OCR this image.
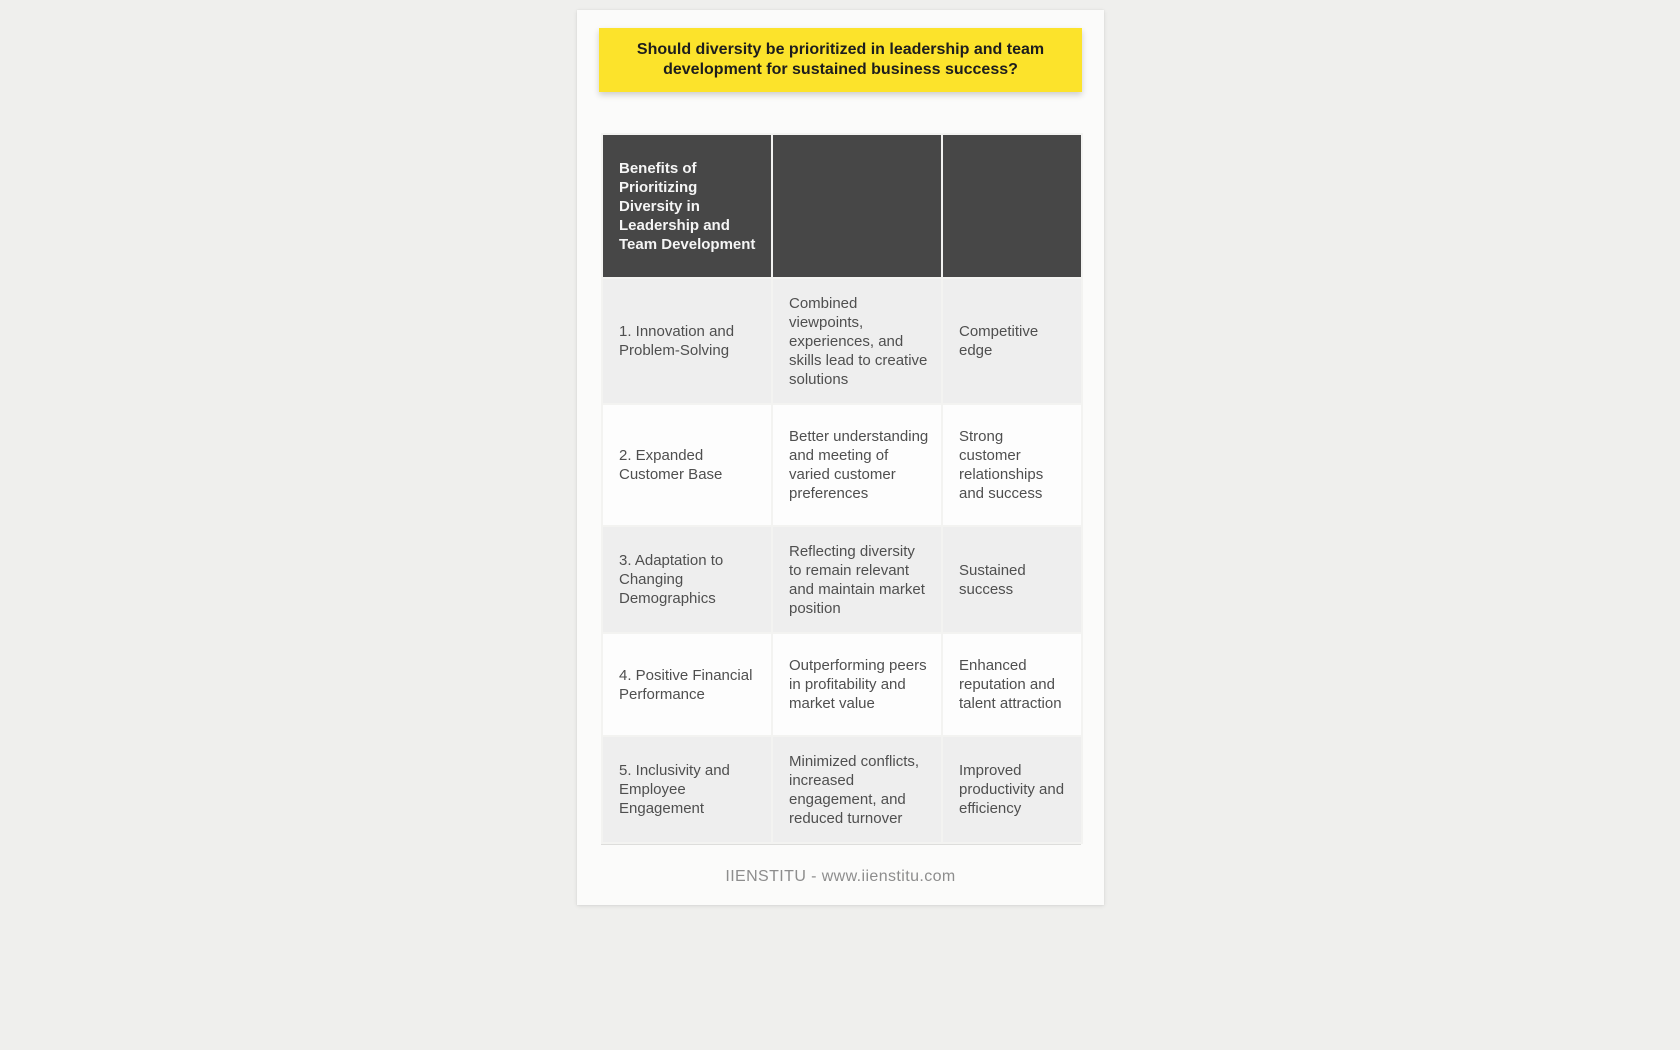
Should diversity be prioritized in leadership and team development for sustained business success?
Benefits of Prioritizing Diversity in Leadership and Team Development		
1. Innovation and Problem-Solving	Combined viewpoints, experiences, and skills lead to creative solutions	Competitive edge
2. Expanded Customer Base	Better understanding and meeting of varied customer preferences	Strong customer relationships and success
3. Adaptation to Changing Demographics	Reflecting diversity to remain relevant and maintain market position	Sustained success
4. Positive Financial Performance	Outperforming peers in profitability and market value	Enhanced reputation and talent attraction
5. Inclusivity and Employee Engagement	Minimized conflicts, increased engagement, and reduced turnover	Improved productivity and efficiency
IIENSTITU - www.iienstitu.com
